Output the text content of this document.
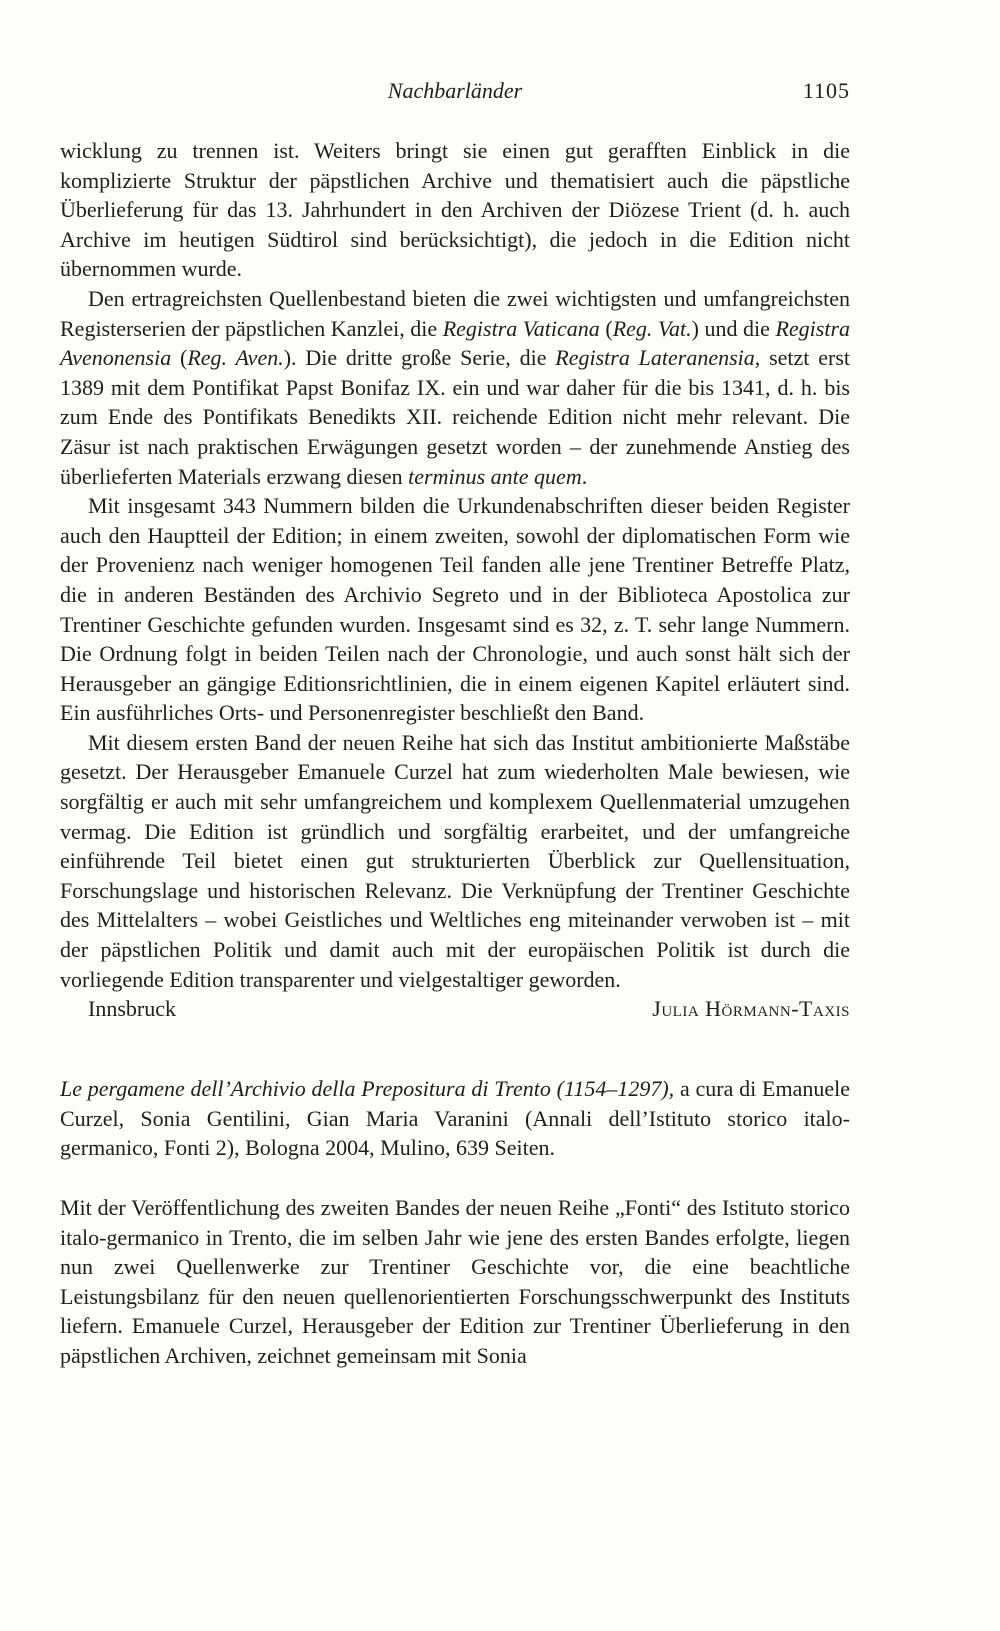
Nachbarländer	1105

wicklung zu trennen ist. Weiters bringt sie einen gut gerafften Einblick in die komplizierte Struktur der päpstlichen Archive und thematisiert auch die päpstliche Überlieferung für das 13. Jahrhundert in den Archiven der Diözese Trient (d. h. auch Archive im heutigen Südtirol sind berücksichtigt), die jedoch in die Edition nicht übernommen wurde.

Den ertragreichsten Quellenbestand bieten die zwei wichtigsten und umfangreichsten Registerserien der päpstlichen Kanzlei, die Registra Vaticana (Reg. Vat.) und die Registra Avenonensia (Reg. Aven.). Die dritte große Serie, die Registra Lateranensia, setzt erst 1389 mit dem Pontifikat Papst Bonifaz IX. ein und war daher für die bis 1341, d. h. bis zum Ende des Pontifikats Benedikts XII. reichende Edition nicht mehr relevant. Die Zäsur ist nach praktischen Erwägungen gesetzt worden – der zunehmende Anstieg des überlieferten Materials erzwang diesen terminus ante quem.

Mit insgesamt 343 Nummern bilden die Urkundenabschriften dieser beiden Register auch den Hauptteil der Edition; in einem zweiten, sowohl der diplomatischen Form wie der Provenienz nach weniger homogenen Teil fanden alle jene Trentiner Betreffe Platz, die in anderen Beständen des Archivio Segreto und in der Biblioteca Apostolica zur Trentiner Geschichte gefunden wurden. Insgesamt sind es 32, z. T. sehr lange Nummern. Die Ordnung folgt in beiden Teilen nach der Chronologie, und auch sonst hält sich der Herausgeber an gängige Editionsrichtlinien, die in einem eigenen Kapitel erläutert sind. Ein ausführliches Orts- und Personenregister beschließt den Band.

Mit diesem ersten Band der neuen Reihe hat sich das Institut ambitionierte Maßstäbe gesetzt. Der Herausgeber Emanuele Curzel hat zum wiederholten Male bewiesen, wie sorgfältig er auch mit sehr umfangreichem und komplexem Quellenmaterial umzugehen vermag. Die Edition ist gründlich und sorgfältig erarbeitet, und der umfangreiche einführende Teil bietet einen gut strukturierten Überblick zur Quellensituation, Forschungslage und historischen Relevanz. Die Verknüpfung der Trentiner Geschichte des Mittelalters – wobei Geistliches und Weltliches eng miteinander verwoben ist – mit der päpstlichen Politik und damit auch mit der europäischen Politik ist durch die vorliegende Edition transparenter und vielgestaltiger geworden.

Innsbruck	Julia Hörmann-Taxis
Le pergamene dell’Archivio della Prepositura di Trento (1154–1297), a cura di Emanuele Curzel, Sonia Gentilini, Gian Maria Varanini (Annali dell’Istituto storico italo-germanico, Fonti 2), Bologna 2004, Mulino, 639 Seiten.

Mit der Veröffentlichung des zweiten Bandes der neuen Reihe „Fonti“ des Istituto storico italo-germanico in Trento, die im selben Jahr wie jene des ersten Bandes erfolgte, liegen nun zwei Quellenwerke zur Trentiner Geschichte vor, die eine beachtliche Leistungsbilanz für den neuen quellenorientierten Forschungsschwerpunkt des Instituts liefern. Emanuele Curzel, Herausgeber der Edition zur Trentiner Überlieferung in den päpstlichen Archiven, zeichnet gemeinsam mit Sonia
